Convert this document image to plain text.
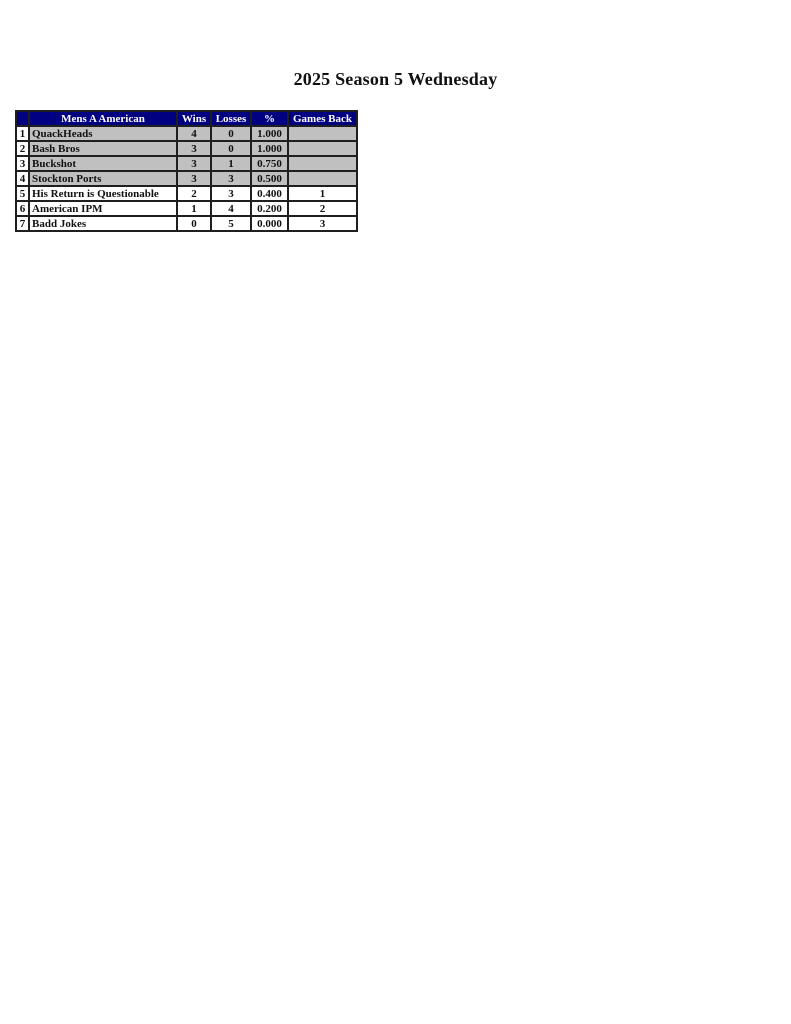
2025 Season 5 Wednesday
	Mens A American	Wins	Losses	%	Games Back
1	QuackHeads	4	0	1.000	
2	Bash Bros	3	0	1.000	
3	Buckshot	3	1	0.750	
4	Stockton Ports	3	3	0.500	
5	His Return is Questionable	2	3	0.400	1
6	American IPM	1	4	0.200	2
7	Badd Jokes	0	5	0.000	3
